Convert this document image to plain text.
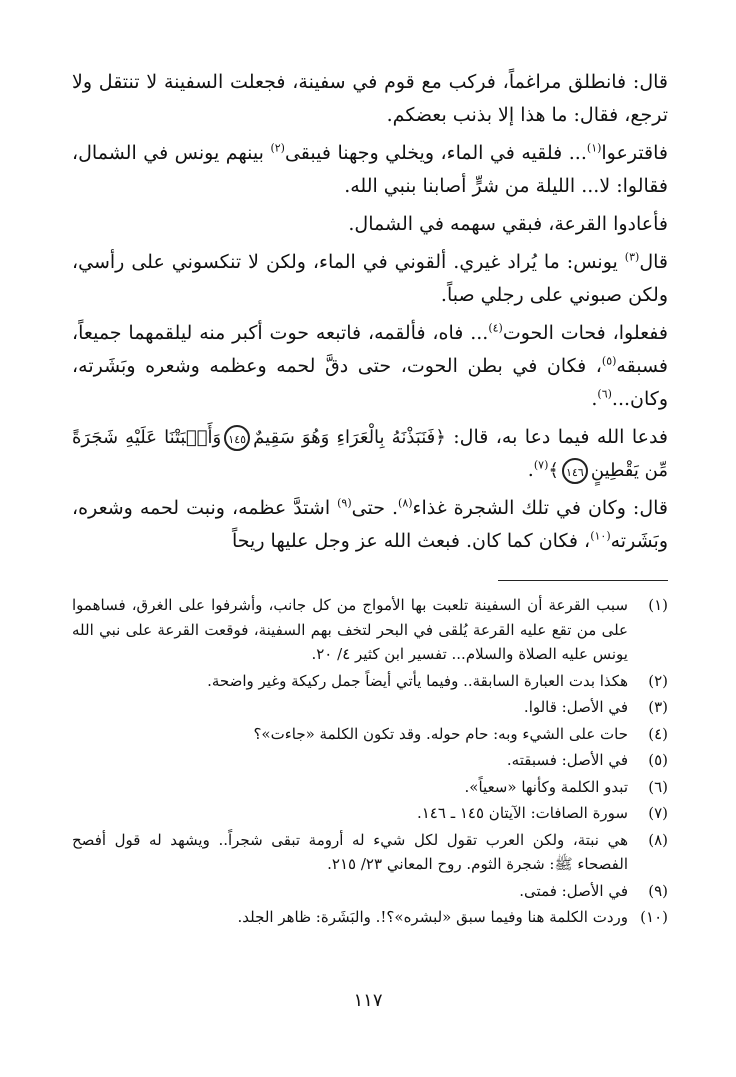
قال: فانطلق مراغماً، فركب مع قوم في سفينة، فجعلت السفينة لا تنتقل ولا ترجع، فقال: ما هذا إلا بذنب بعضكم.

فاقترعوا$^{(١)}$... فلقيه في الماء، ويخلي وجهنا فيبقى$^{(٢)}$ بينهم يونس في الشمال، فقالوا: لا... الليلة من شرٍّ أصابنا بنبي الله.

فأعادوا القرعة، فبقي سهمه في الشمال.

قال$^{(٣)}$ يونس: ما يُراد غيري. ألقوني في الماء، ولكن لا تنكسوني على رأسي، ولكن صبوني على رجلي صباً.

ففعلوا، فحات الحوت$^{(٤)}$... فاه، فألقمه، فاتبعه حوت أكبر منه ليلقمهما جميعاً، فسبقه$^{(٥)}$، فكان في بطن الحوت، حتى دقَّ لحمه وعظمه وشعره وبَشَرته، وكان...$^{(٦)}$.

فدعا الله فيما دعا به، قال: ﴿فَنَبَذْنَهُ بِالْعَرَاءِ وَهُوَ سَقِيمٌ١٤٥وَأَنۢبَتْنَا عَلَيْهِ شَجَرَةً مِّن يَقْطِينٍ١٤٦﴾$^{(٧)}$.

قال: وكان في تلك الشجرة غذاء$^{(٨)}$. حتى$^{(٩)}$ اشتدَّ عظمه، ونبت لحمه وشعره، وبَشَرته$^{(١٠)}$، فكان كما كان. فبعث الله عز وجل عليها ريحاً

(١)
سبب القرعة أن السفينة تلعبت بها الأمواج من كل جانب، وأشرفوا على الغرق، فساهموا على من تقع عليه القرعة يُلقى في البحر لتخف بهم السفينة، فوقعت القرعة على نبي الله يونس عليه الصلاة والسلام... تفسير ابن كثير ٤/ ٢٠.
(٢)
هكذا بدت العبارة السابقة.. وفيما يأتي أيضاً جمل ركيكة وغير واضحة.
(٣)
في الأصل: قالوا.
(٤)
حات على الشيء وبه: حام حوله. وقد تكون الكلمة «جاءت»؟
(٥)
في الأصل: فسبقته.
(٦)
تبدو الكلمة وكأنها «سعياً».
(٧)
سورة الصافات: الآيتان ١٤٥ ـ ١٤٦.
(٨)
هي نبتة، ولكن العرب تقول لكل شيء له أرومة تبقى شجراً.. ويشهد له قول أفصح الفصحاء ﷺ: شجرة الثوم. روح المعاني ٢٣/ ٢١٥.
(٩)
في الأصل: فمتى.
(١٠)
وردت الكلمة هنا وفيما سبق «لبشره»؟!. والبَشَرة: ظاهر الجلد.
١١٧
